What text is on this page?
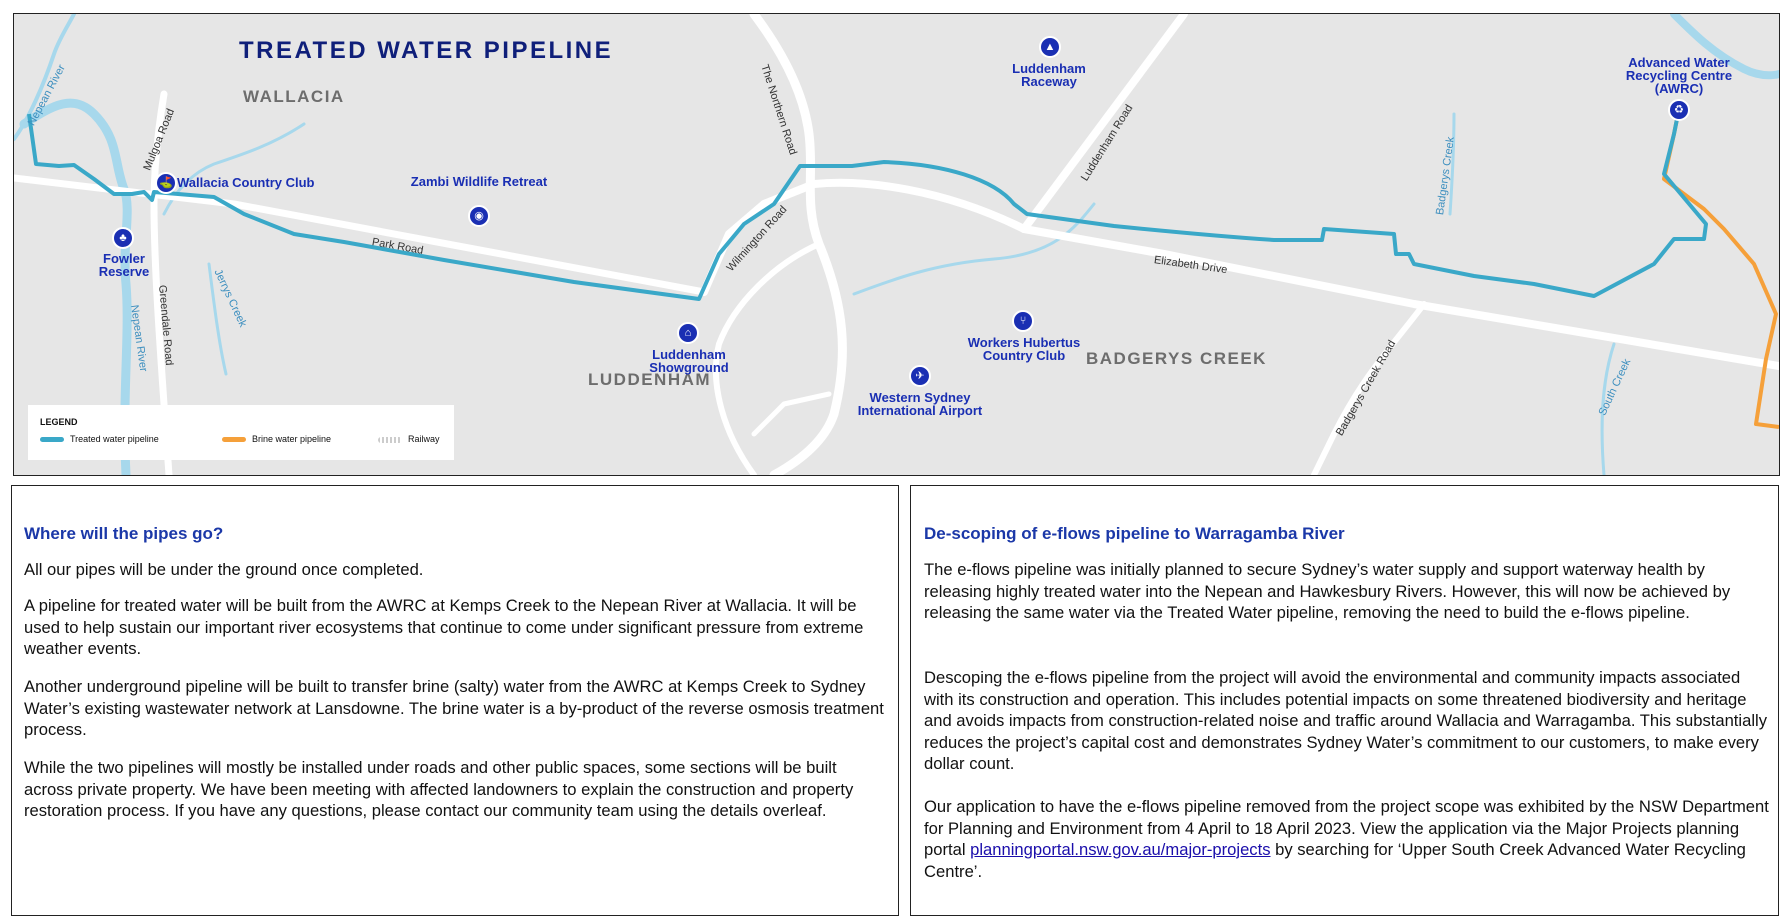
TREATED WATER PIPELINE
WALLACIA
LUDDENHAM
BADGERYS CREEK
Mulgoa Road
Park Road
The Northern Road
Wilmington Road
Luddenham Road
Elizabeth Drive
Badgerys Creek Road
Greendale Road
Nepean River
Nepean River
Jerrys Creek
Badgerys Creek
South Creek
⛳ Wallacia Country Club
♣
Fowler Reserve
Zambi Wildlife Retreat
◉
⌂
Luddenham Showground
▲
Luddenham Raceway
⑂
Workers Hubertus Country Club
✈
Western Sydney International Airport
Advanced Water Recycling Centre (AWRC)
♻
LEGEND
Treated water pipeline	Brine water pipeline	Railway
Where will the pipes go?

All our pipes will be under the ground once completed.

A pipeline for treated water will be built from the AWRC at Kemps Creek to the Nepean River at Wallacia. It will be used to help sustain our important river ecosystems that continue to come under significant pressure from extreme weather events.

Another underground pipeline will be built to transfer brine (salty) water from the AWRC at Kemps Creek to Sydney Water’s existing wastewater network at Lansdowne. The brine water is a by-product of the reverse osmosis treatment process.

While the two pipelines will mostly be installed under roads and other public spaces, some sections will be built across private property. We have been meeting with affected landowners to explain the construction and property restoration process. If you have any questions, please contact our community team using the details overleaf.

De-scoping of e-flows pipeline to Warragamba River

The e-flows pipeline was initially planned to secure Sydney’s water supply and support waterway health by releasing highly treated water into the Nepean and Hawkesbury Rivers. However, this will now be achieved by releasing the same water via the Treated Water pipeline, removing the need to build the e-flows pipeline.

Descoping the e-flows pipeline from the project will avoid the environmental and community impacts associated with its construction and operation. This includes potential impacts on some threatened biodiversity and heritage and avoids impacts from construction-related noise and traffic around Wallacia and Warragamba. This substantially reduces the project’s capital cost and demonstrates Sydney Water’s commitment to our customers, to make every dollar count.

Our application to have the e-flows pipeline removed from the project scope was exhibited by the NSW Department for Planning and Environment from 4 April to 18 April 2023. View the application via the Major Projects planning portal planningportal.nsw.gov.au/major-projects by searching for ‘Upper South Creek Advanced Water Recycling Centre’.
